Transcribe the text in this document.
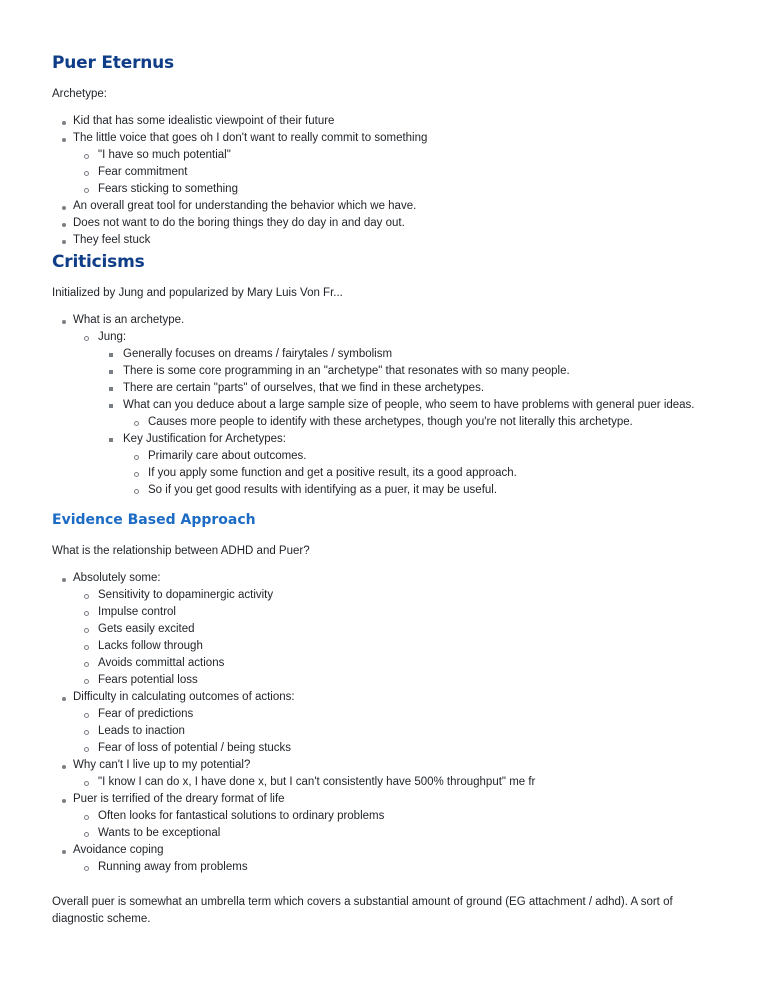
Puer Eternus

Archetype:

Kid that has some idealistic viewpoint of their future
The little voice that goes oh I don't want to really commit to something
"I have so much potential"
Fear commitment
Fears sticking to something
An overall great tool for understanding the behavior which we have.
Does not want to do the boring things they do day in and day out.
They feel stuck
Criticisms

Initialized by Jung and popularized by Mary Luis Von Fr...

What is an archetype.
Jung:
Generally focuses on dreams / fairytales / symbolism
There is some core programming in an "archetype" that resonates with so many people.
There are certain "parts" of ourselves, that we find in these archetypes.
What can you deduce about a large sample size of people, who seem to have problems with general puer ideas.
Causes more people to identify with these archetypes, though you're not literally this archetype.
Key Justification for Archetypes:
Primarily care about outcomes.
If you apply some function and get a positive result, its a good approach.
So if you get good results with identifying as a puer, it may be useful.
Evidence Based Approach

What is the relationship between ADHD and Puer?

Absolutely some:
Sensitivity to dopaminergic activity
Impulse control
Gets easily excited
Lacks follow through
Avoids committal actions
Fears potential loss
Difficulty in calculating outcomes of actions:
Fear of predictions
Leads to inaction
Fear of loss of potential / being stucks
Why can't I live up to my potential?
"I know I can do x, I have done x, but I can't consistently have 500% throughput" me fr
Puer is terrified of the dreary format of life
Often looks for fantastical solutions to ordinary problems
Wants to be exceptional
Avoidance coping
Running away from problems

Overall puer is somewhat an umbrella term which covers a substantial amount of ground (EG attachment / adhd). A sort of diagnostic scheme.
